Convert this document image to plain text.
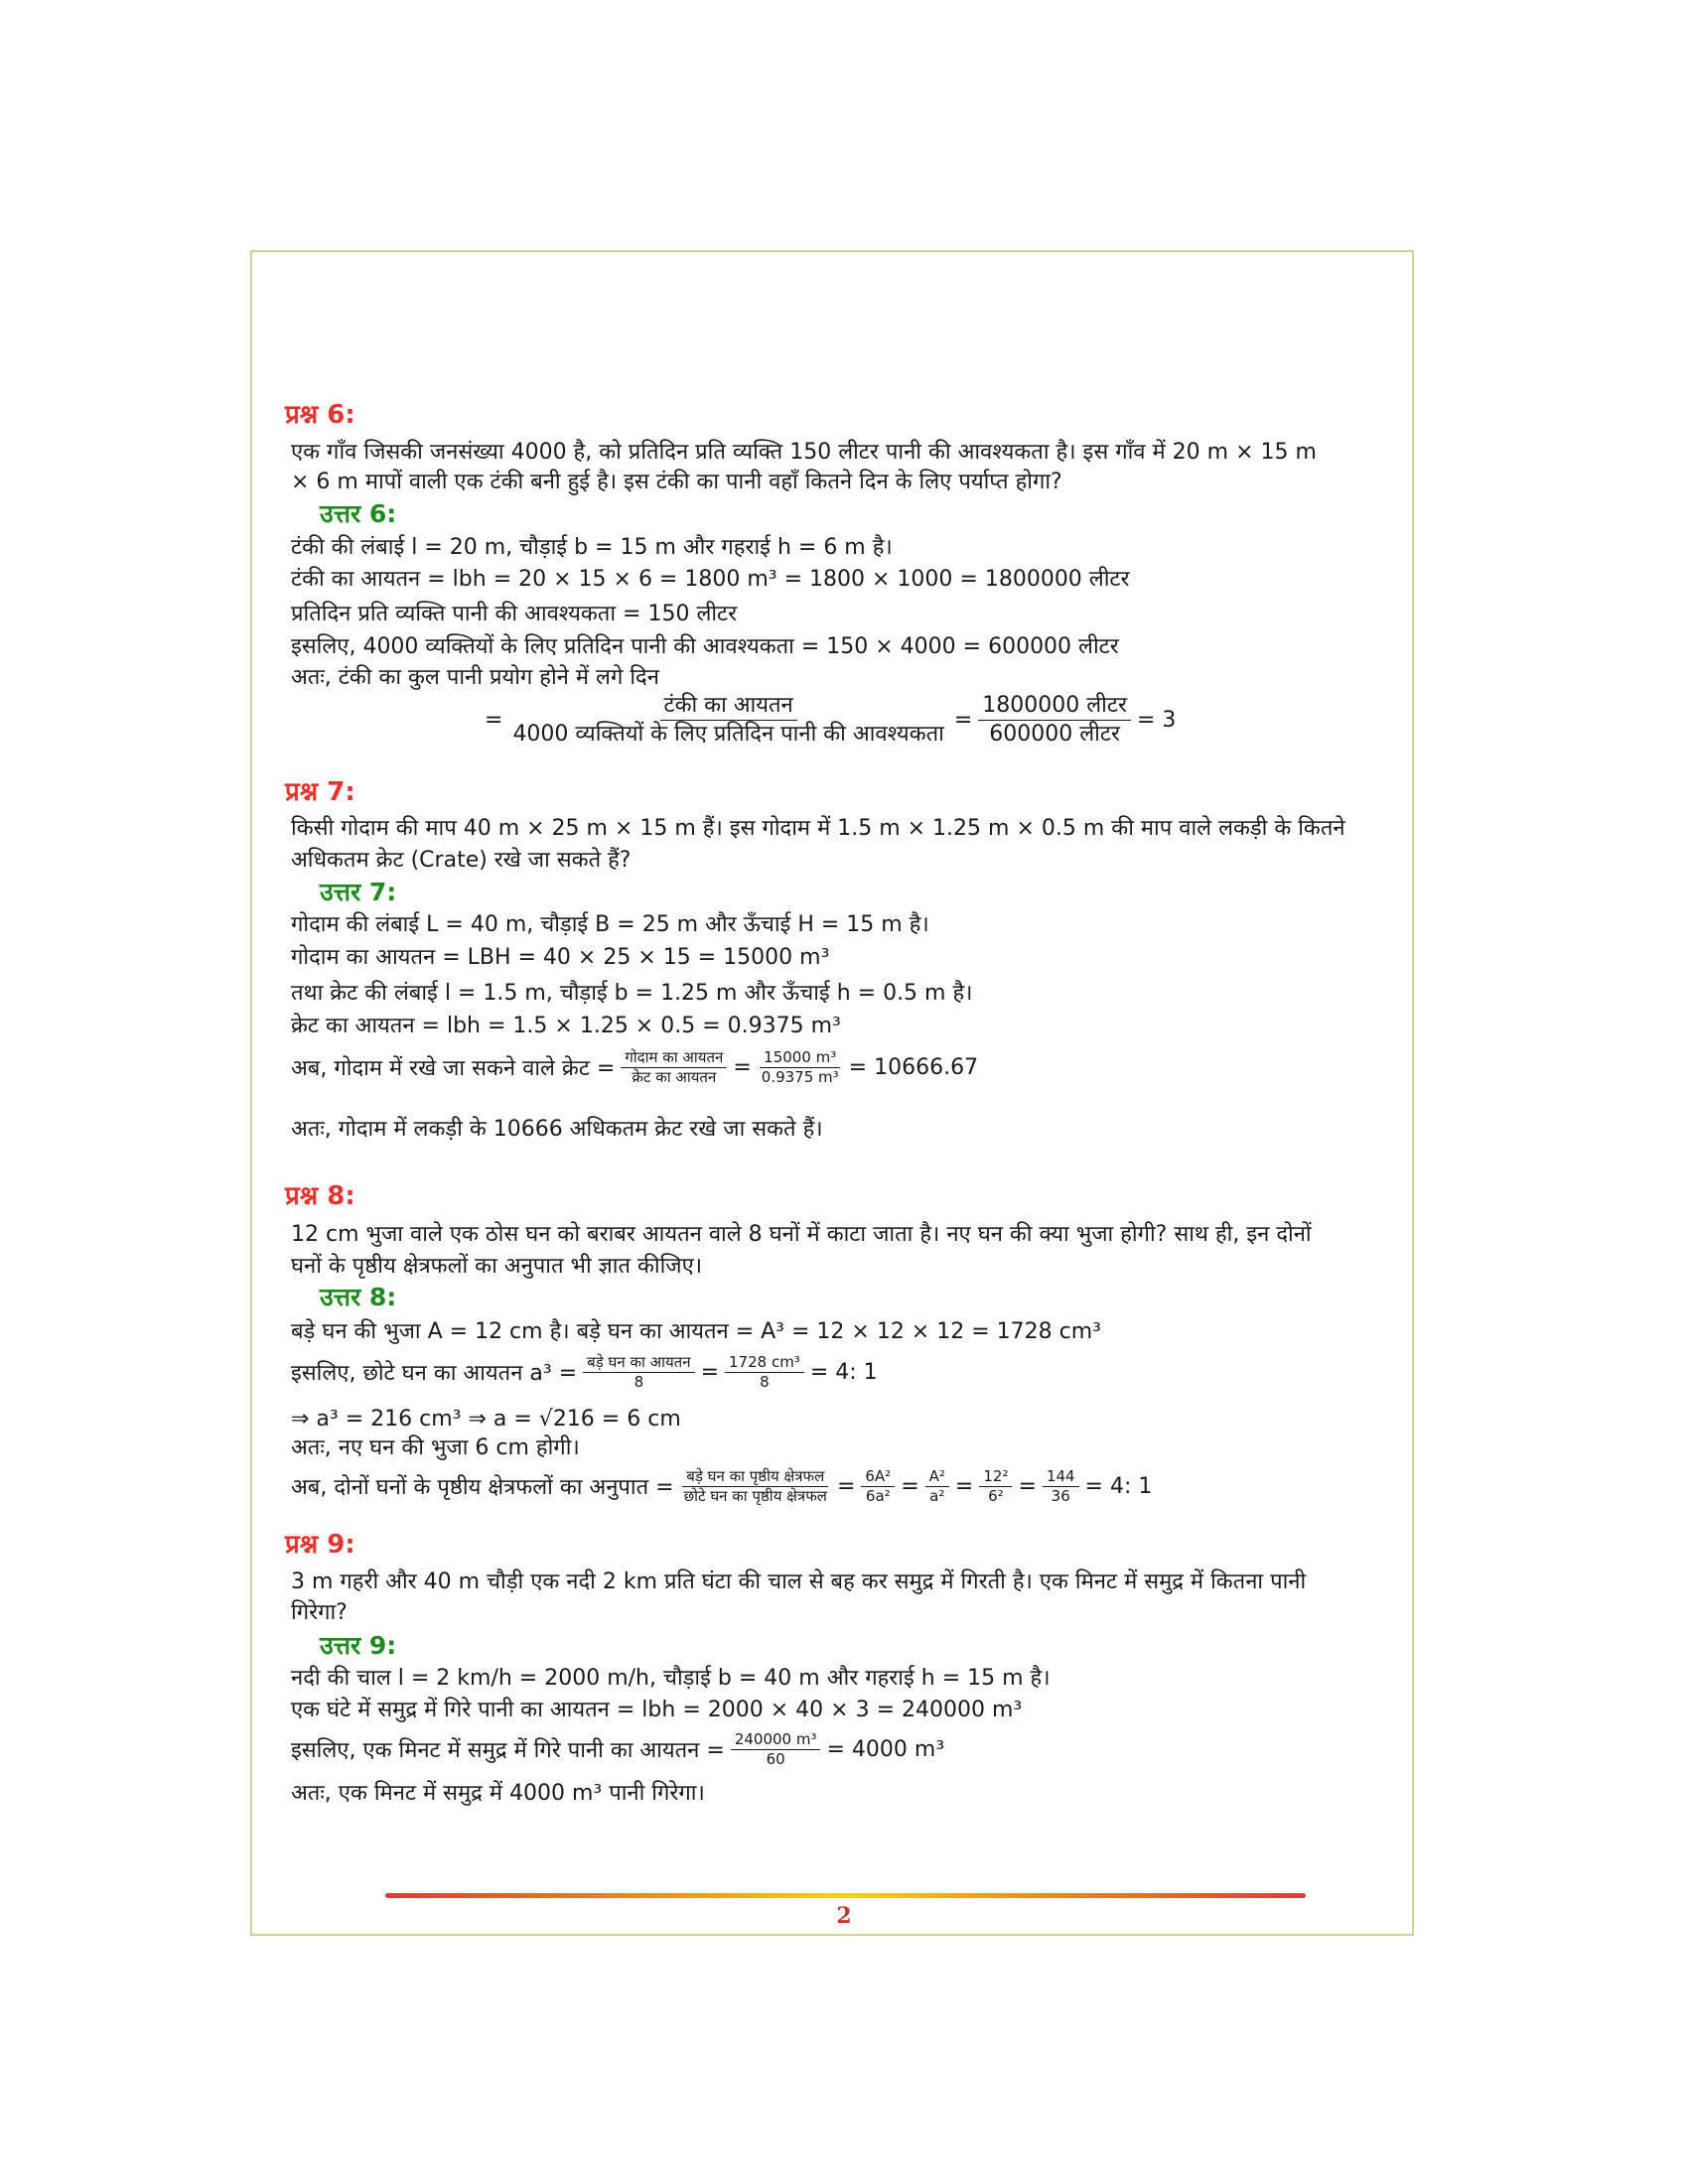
प्रश्न 6:
एक गाँव जिसकी जनसंख्या 4000 है, को प्रतिदिन प्रति व्यक्ति 150 लीटर पानी की आवश्यकता है। इस गाँव में 20 m × 15 m
× 6 m मापों वाली एक टंकी बनी हुई है। इस टंकी का पानी वहाँ कितने दिन के लिए पर्याप्त होगा?
उत्तर 6:
टंकी की लंबाई l = 20 m, चौड़ाई b = 15 m और गहराई h = 6 m है।
टंकी का आयतन = lbh = 20 × 15 × 6 = 1800 m³ = 1800 × 1000 = 1800000 लीटर
प्रतिदिन प्रति व्यक्ति पानी की आवश्यकता = 150 लीटर
इसलिए, 4000 व्यक्तियों के लिए प्रतिदिन पानी की आवश्यकता = 150 × 4000 = 600000 लीटर
अतः, टंकी का कुल पानी प्रयोग होने में लगे दिन
= $\frac{\text{टंकी का आयतन}}{\text{4000 व्यक्तियों के लिए प्रतिदिन पानी की आवश्यकता}} = \frac{\text{1800000 लीटर}}{\text{600000 लीटर}} = 3$
प्रश्न 7:
किसी गोदाम की माप 40 m × 25 m × 15 m हैं। इस गोदाम में 1.5 m × 1.25 m × 0.5 m की माप वाले लकड़ी के कितने
अधिकतम क्रेट (Crate) रखे जा सकते हैं?
उत्तर 7:
गोदाम की लंबाई L = 40 m, चौड़ाई B = 25 m और ऊँचाई H = 15 m है।
गोदाम का आयतन = LBH = 40 × 25 × 15 = 15000 m³
तथा क्रेट की लंबाई l = 1.5 m, चौड़ाई b = 1.25 m और ऊँचाई h = 0.5 m है।
क्रेट का आयतन = lbh = 1.5 × 1.25 × 0.5 = 0.9375 m³
अब, गोदाम में रखे जा सकने वाले क्रेट = $\frac{\text{गोदाम का आयतन}}{\text{क्रेट का आयतन}} = \frac{\text{15000 m³}}{\text{0.9375 m³}} = 10666.67$
अतः, गोदाम में लकड़ी के 10666 अधिकतम क्रेट रखे जा सकते हैं।
प्रश्न 8:
12 cm भुजा वाले एक ठोस घन को बराबर आयतन वाले 8 घनों में काटा जाता है। नए घन की क्या भुजा होगी? साथ ही, इन दोनों
घनों के पृष्ठीय क्षेत्रफलों का अनुपात भी ज्ञात कीजिए।
उत्तर 8:
बड़े घन की भुजा A = 12 cm है। बड़े घन का आयतन = A³ = 12 × 12 × 12 = 1728 cm³
इसलिए, छोटे घन का आयतन $a^3 = \frac{\text{बड़े घन का आयतन}}{8} = \frac{\text{1728 cm³}}{8} = 4$: 1
⇒ a³ = 216 cm³ ⇒ a = √216 = 6 cm
अतः, नए घन की भुजा 6 cm होगी।
अब, दोनों घनों के पृष्ठीय क्षेत्रफलों का अनुपात = $\frac{\text{बड़े घन का पृष्ठीय क्षेत्रफल}}{\text{छोटे घन का पृष्ठीय क्षेत्रफल}} = \frac{\text{6A²}}{\text{6a²}} = \frac{\text{A²}}{\text{a²}} = \frac{\text{12²}}{\text{6²}} = \frac{144}{36} = 4$: 1
प्रश्न 9:
3 m गहरी और 40 m चौड़ी एक नदी 2 km प्रति घंटा की चाल से बह कर समुद्र में गिरती है। एक मिनट में समुद्र में कितना पानी
गिरेगा?
उत्तर 9:
नदी की चाल l = 2 km/h = 2000 m/h, चौड़ाई b = 40 m और गहराई h = 15 m है।
एक घंटे में समुद्र में गिरे पानी का आयतन = lbh = 2000 × 40 × 3 = 240000 m³
इसलिए, एक मिनट में समुद्र में गिरे पानी का आयतन = $\frac{\text{240000 m³}}{60} = 4000$ m³
अतः, एक मिनट में समुद्र में 4000 m³ पानी गिरेगा।
2
